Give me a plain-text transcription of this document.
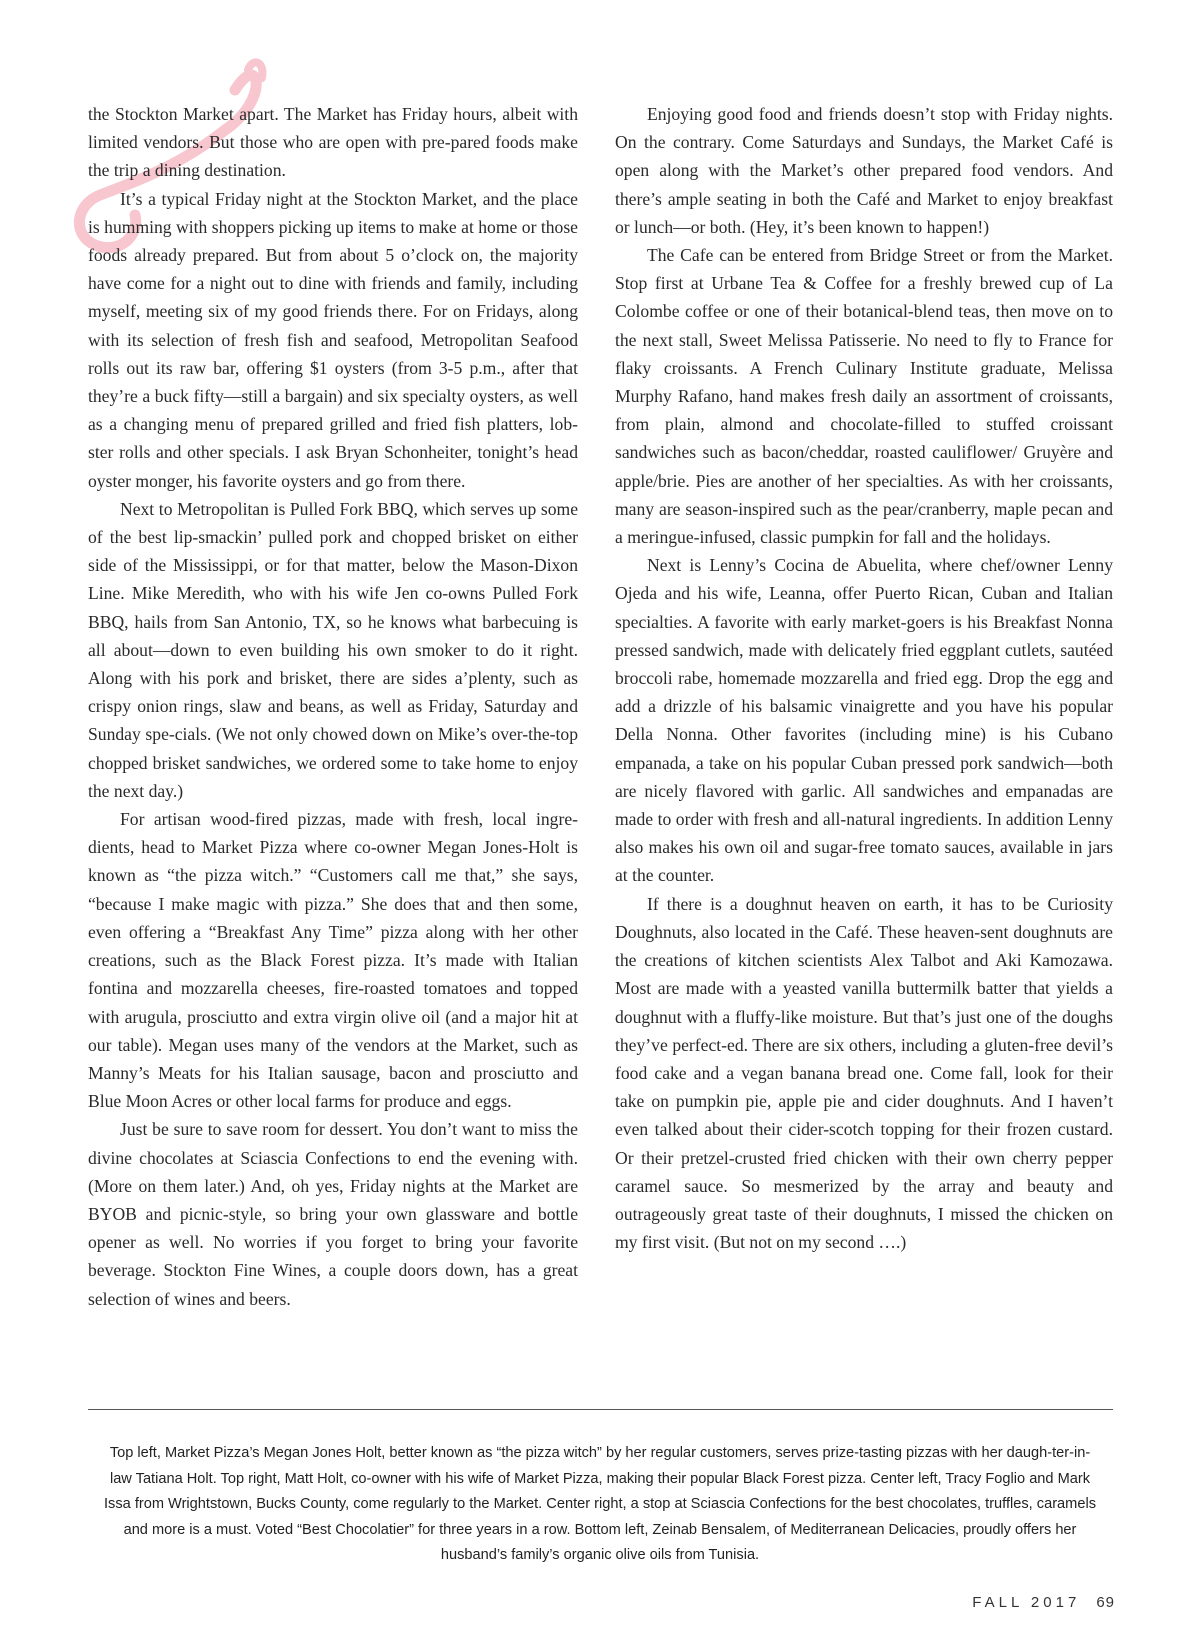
the Stockton Market apart. The Market has Friday hours, albeit with limited vendors. But those who are open with pre-pared foods make the trip a dining destination.

It’s a typical Friday night at the Stockton Market, and the place is humming with shoppers picking up items to make at home or those foods already prepared. But from about 5 o’clock on, the majority have come for a night out to dine with friends and family, including myself, meeting six of my good friends there. For on Fridays, along with its selection of fresh fish and seafood, Metropolitan Seafood rolls out its raw bar, offering $1 oysters (from 3-5 p.m., after that they’re a buck fifty—still a bargain) and six specialty oysters, as well as a changing menu of prepared grilled and fried fish platters, lob-ster rolls and other specials. I ask Bryan Schonheiter, tonight’s head oyster monger, his favorite oysters and go from there.

Next to Metropolitan is Pulled Fork BBQ, which serves up some of the best lip-smackin’ pulled pork and chopped brisket on either side of the Mississippi, or for that matter, below the Mason-Dixon Line. Mike Meredith, who with his wife Jen co-owns Pulled Fork BBQ, hails from San Antonio, TX, so he knows what barbecuing is all about—down to even building his own smoker to do it right. Along with his pork and brisket, there are sides a’plenty, such as crispy onion rings, slaw and beans, as well as Friday, Saturday and Sunday spe-cials. (We not only chowed down on Mike’s over-the-top chopped brisket sandwiches, we ordered some to take home to enjoy the next day.)

For artisan wood-fired pizzas, made with fresh, local ingre-dients, head to Market Pizza where co-owner Megan Jones-Holt is known as “the pizza witch.” “Customers call me that,” she says, “because I make magic with pizza.” She does that and then some, even offering a “Breakfast Any Time” pizza along with her other creations, such as the Black Forest pizza. It’s made with Italian fontina and mozzarella cheeses, fire-roasted tomatoes and topped with arugula, prosciutto and extra virgin olive oil (and a major hit at our table). Megan uses many of the vendors at the Market, such as Manny’s Meats for his Italian sausage, bacon and prosciutto and Blue Moon Acres or other local farms for produce and eggs.

Just be sure to save room for dessert. You don’t want to miss the divine chocolates at Sciascia Confections to end the evening with. (More on them later.) And, oh yes, Friday nights at the Market are BYOB and picnic-style, so bring your own glassware and bottle opener as well. No worries if you forget to bring your favorite beverage. Stockton Fine Wines, a couple doors down, has a great selection of wines and beers.

Enjoying good food and friends doesn’t stop with Friday nights. On the contrary. Come Saturdays and Sundays, the Market Café is open along with the Market’s other prepared food vendors. And there’s ample seating in both the Café and Market to enjoy breakfast or lunch—or both. (Hey, it’s been known to happen!)

The Cafe can be entered from Bridge Street or from the Market. Stop first at Urbane Tea & Coffee for a freshly brewed cup of La Colombe coffee or one of their botanical-blend teas, then move on to the next stall, Sweet Melissa Patisserie. No need to fly to France for flaky croissants. A French Culinary Institute graduate, Melissa Murphy Rafano, hand makes fresh daily an assortment of croissants, from plain, almond and chocolate-filled to stuffed croissant sandwiches such as bacon/cheddar, roasted cauliflower/ Gruyère and apple/brie. Pies are another of her specialties. As with her croissants, many are season-inspired such as the pear/cranberry, maple pecan and a meringue-infused, classic pumpkin for fall and the holidays.

Next is Lenny’s Cocina de Abuelita, where chef/owner Lenny Ojeda and his wife, Leanna, offer Puerto Rican, Cuban and Italian specialties. A favorite with early market-goers is his Breakfast Nonna pressed sandwich, made with delicately fried eggplant cutlets, sautéed broccoli rabe, homemade mozzarella and fried egg. Drop the egg and add a drizzle of his balsamic vinaigrette and you have his popular Della Nonna. Other favorites (including mine) is his Cubano empanada, a take on his popular Cuban pressed pork sandwich—both are nicely flavored with garlic. All sandwiches and empanadas are made to order with fresh and all-natural ingredients. In addition Lenny also makes his own oil and sugar-free tomato sauces, available in jars at the counter.

If there is a doughnut heaven on earth, it has to be Curiosity Doughnuts, also located in the Café. These heaven-sent doughnuts are the creations of kitchen scientists Alex Talbot and Aki Kamozawa. Most are made with a yeasted vanilla buttermilk batter that yields a doughnut with a fluffy-like moisture. But that’s just one of the doughs they’ve perfect-ed. There are six others, including a gluten-free devil’s food cake and a vegan banana bread one. Come fall, look for their take on pumpkin pie, apple pie and cider doughnuts. And I haven’t even talked about their cider-scotch topping for their frozen custard. Or their pretzel-crusted fried chicken with their own cherry pepper caramel sauce. So mesmerized by the array and beauty and outrageously great taste of their doughnuts, I missed the chicken on my first visit. (But not on my second ….)

Top left, Market Pizza’s Megan Jones Holt, better known as “the pizza witch” by her regular customers, serves prize-tasting pizzas with her daugh-ter-in-law Tatiana Holt. Top right, Matt Holt, co-owner with his wife of Market Pizza, making their popular Black Forest pizza. Center left, Tracy Foglio and Mark Issa from Wrightstown, Bucks County, come regularly to the Market. Center right, a stop at Sciascia Confections for the best chocolates, truffles, caramels and more is a must. Voted “Best Chocolatier” for three years in a row. Bottom left, Zeinab Bensalem, of Mediterranean Delicacies, proudly offers her husband’s family’s organic olive oils from Tunisia.
FALL 2017 69
